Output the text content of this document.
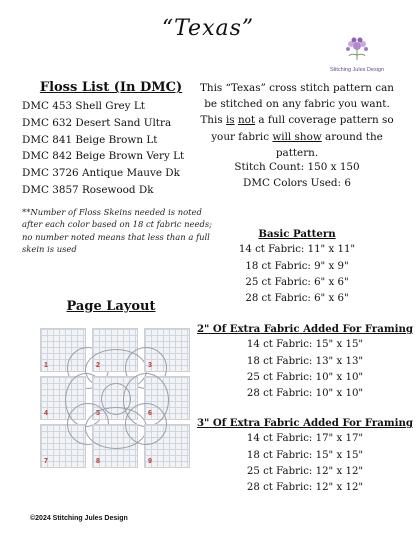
“Texas”
Stitching Jules Design
Floss List (In DMC)
DMC 453 Shell Grey Lt
DMC 632 Desert Sand Ultra
DMC 841 Beige Brown Lt
DMC 842 Beige Brown Very Lt
DMC 3726 Antique Mauve Dk
DMC 3857 Rosewood Dk
**Number of Floss Skeins needed is noted after each color based on 18 ct fabric needs; no number noted means that less than a full skein is used
This “Texas” cross stitch pattern can be stitched on any fabric you want. This is not a full coverage pattern so your fabric will show around the pattern.
Stitch Count: 150 x 150
DMC Colors Used: 6
Basic Pattern
14 ct Fabric: 11" x 11"
18 ct Fabric: 9" x 9"
25 ct Fabric: 6" x 6"
28 ct Fabric: 6" x 6"
2" Of Extra Fabric Added For Framing
14 ct Fabric: 15" x 15"
18 ct Fabric: 13" x 13"
25 ct Fabric: 10" x 10"
28 ct Fabric: 10" x 10"
3" Of Extra Fabric Added For Framing
14 ct Fabric: 17" x 17"
18 ct Fabric: 15" x 15"
25 ct Fabric: 12" x 12"
28 ct Fabric: 12" x 12"
Page Layout
1	2	3
4	5	6
7	8	9
©2024 Stitching Jules Design
